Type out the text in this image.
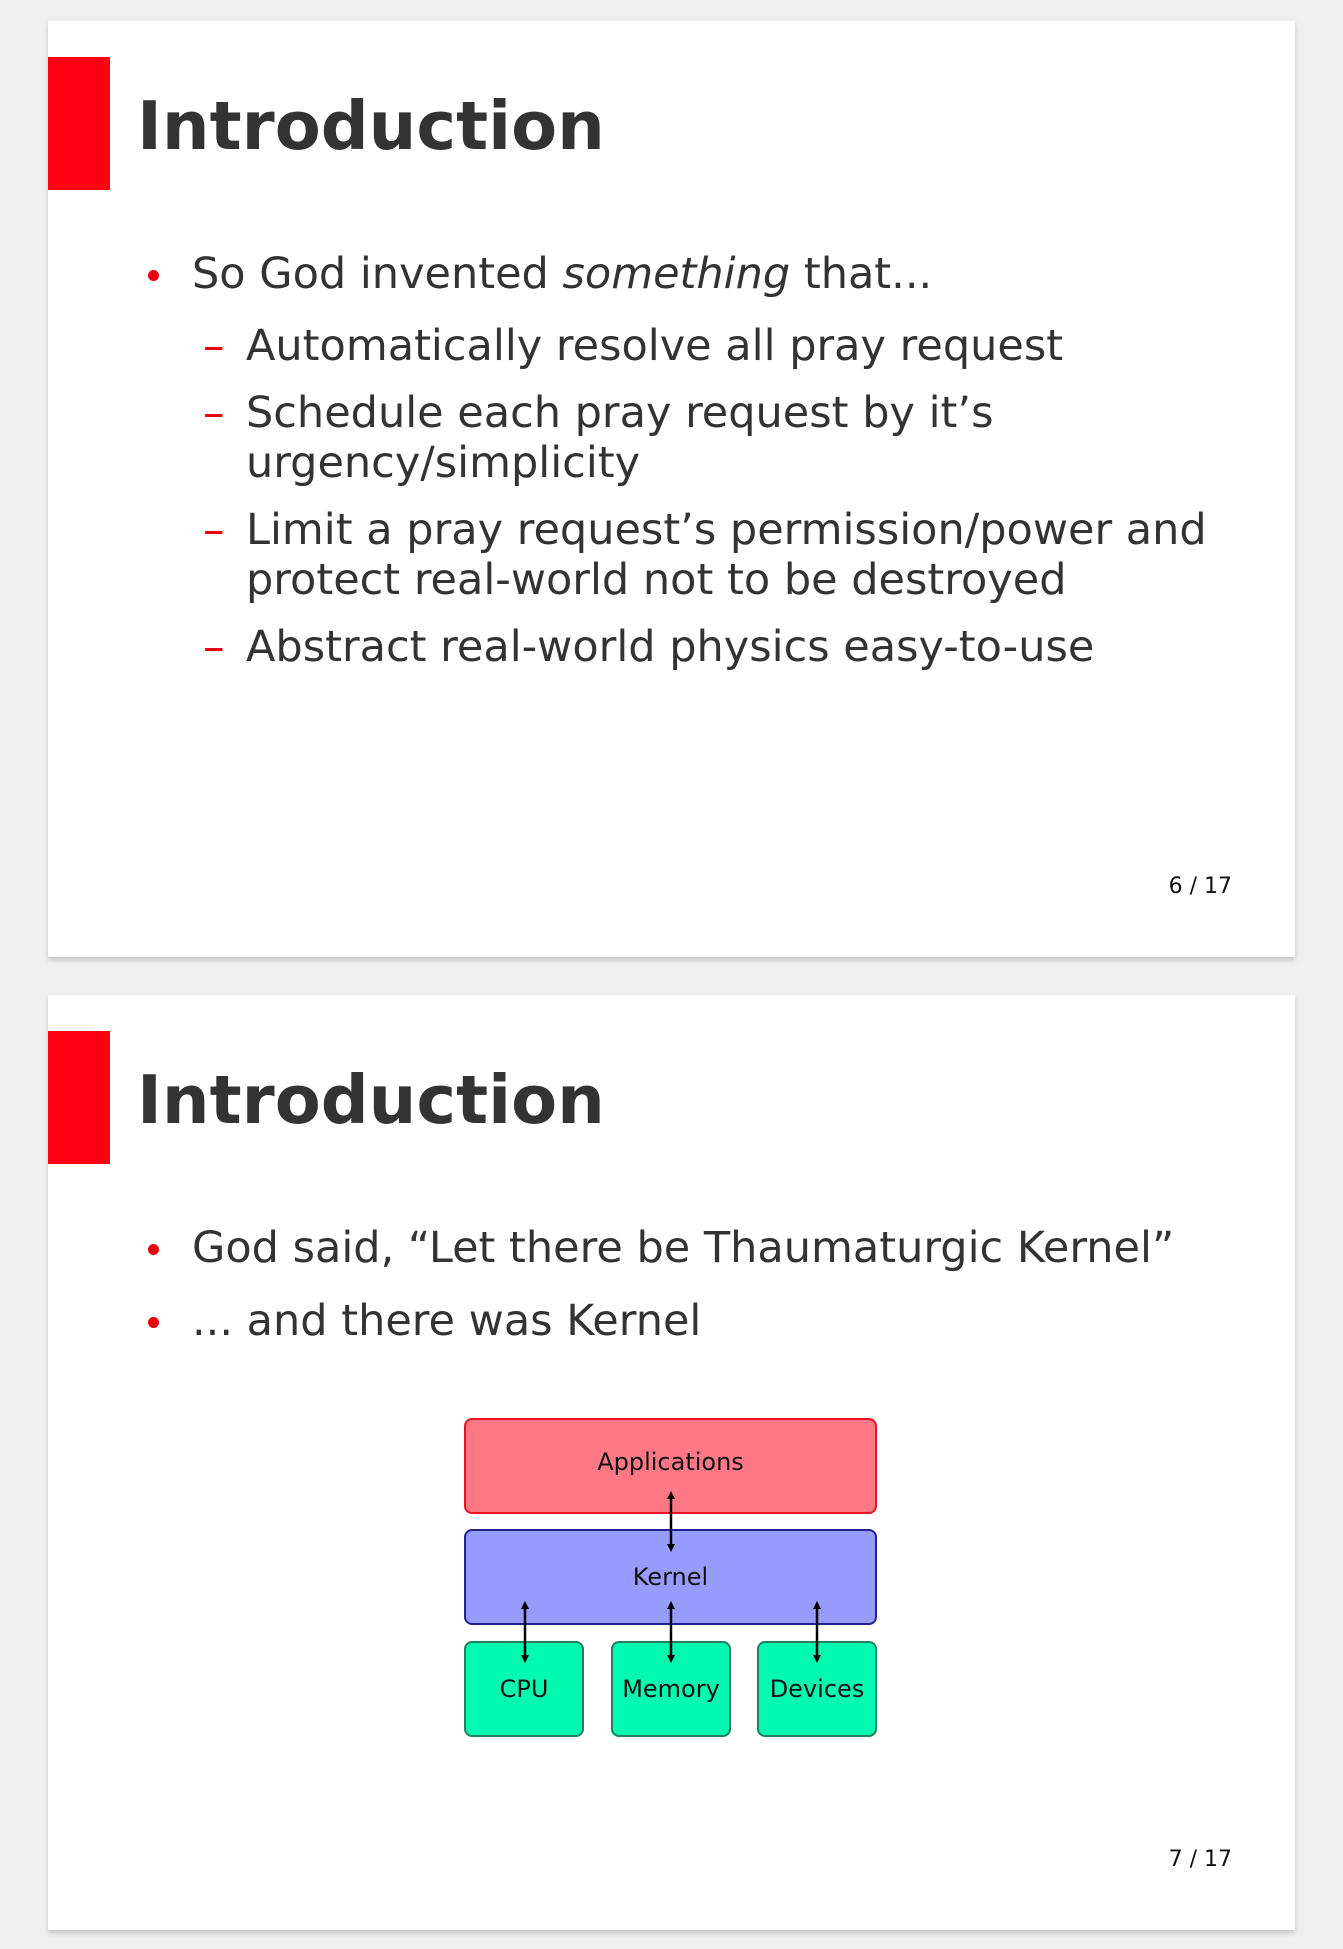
Introduction
So God invented something that...
– Automatically resolve all pray request
– Schedule each pray request by it’s urgency/simplicity
– Limit a pray request’s permission/power and protect real-world not to be destroyed
– Abstract real-world physics easy-to-use
6 / 17
Introduction
God said, “Let there be Thaumaturgic Kernel”
... and there was Kernel
Applications
Kernel
CPU	Memory Devices
7 / 17
